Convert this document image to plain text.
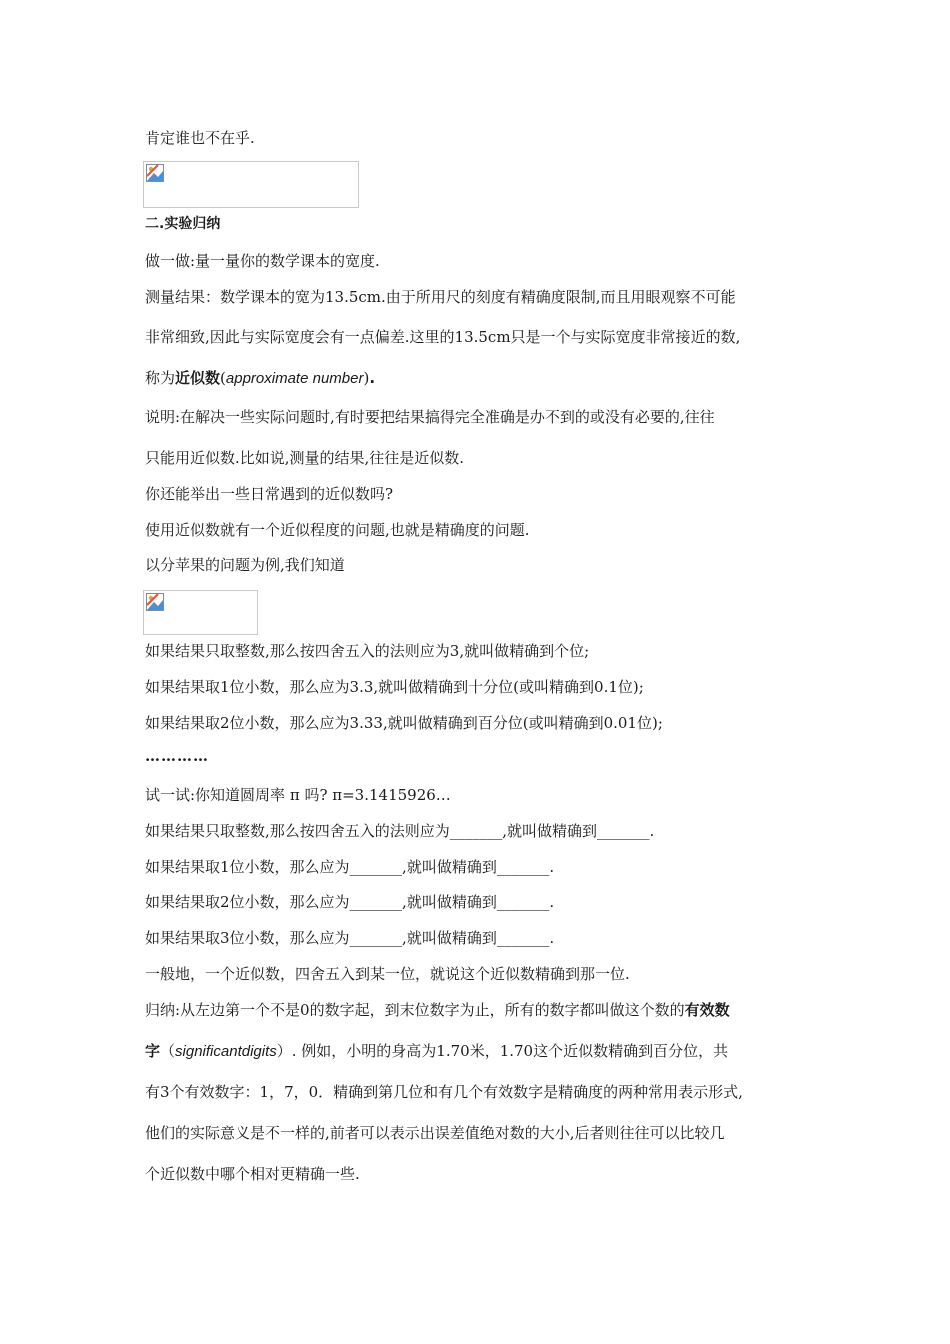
肯定谁也不在乎.
二.实验归纳
做一做:量一量你的数学课本的宽度.
测量结果：数学课本的宽为13.5cm.由于所用尺的刻度有精确度限制,而且用眼观察不可能
非常细致,因此与实际宽度会有一点偏差.这里的13.5cm只是一个与实际宽度非常接近的数,
称为近似数(approximate number).
说明:在解决一些实际问题时,有时要把结果搞得完全准确是办不到的或没有必要的,往往
只能用近似数.比如说,测量的结果,往往是近似数.
你还能举出一些日常遇到的近似数吗?
使用近似数就有一个近似程度的问题,也就是精确度的问题.
以分苹果的问题为例,我们知道
如果结果只取整数,那么按四舍五入的法则应为3,就叫做精确到个位;
如果结果取1位小数，那么应为3.3,就叫做精确到十分位(或叫精确到0.1位);
如果结果取2位小数，那么应为3.33,就叫做精确到百分位(或叫精确到0.01位);
…………
试一试:你知道圆周率 π 吗? π=3.1415926…
如果结果只取整数,那么按四舍五入的法则应为_______,就叫做精确到_______.
如果结果取1位小数，那么应为_______,就叫做精确到_______.
如果结果取2位小数，那么应为_______,就叫做精确到_______.
如果结果取3位小数，那么应为_______,就叫做精确到_______.
一般地，一个近似数，四舍五入到某一位，就说这个近似数精确到那一位.
归纳:从左边第一个不是0的数字起，到末位数字为止，所有的数字都叫做这个数的有效数
字（significantdigits）. 例如，小明的身高为1.70米，1.70这个近似数精确到百分位，共
有3个有效数字：1，7，0．精确到第几位和有几个有效数字是精确度的两种常用表示形式,
他们的实际意义是不一样的,前者可以表示出误差值绝对数的大小,后者则往往可以比较几
个近似数中哪个相对更精确一些.
